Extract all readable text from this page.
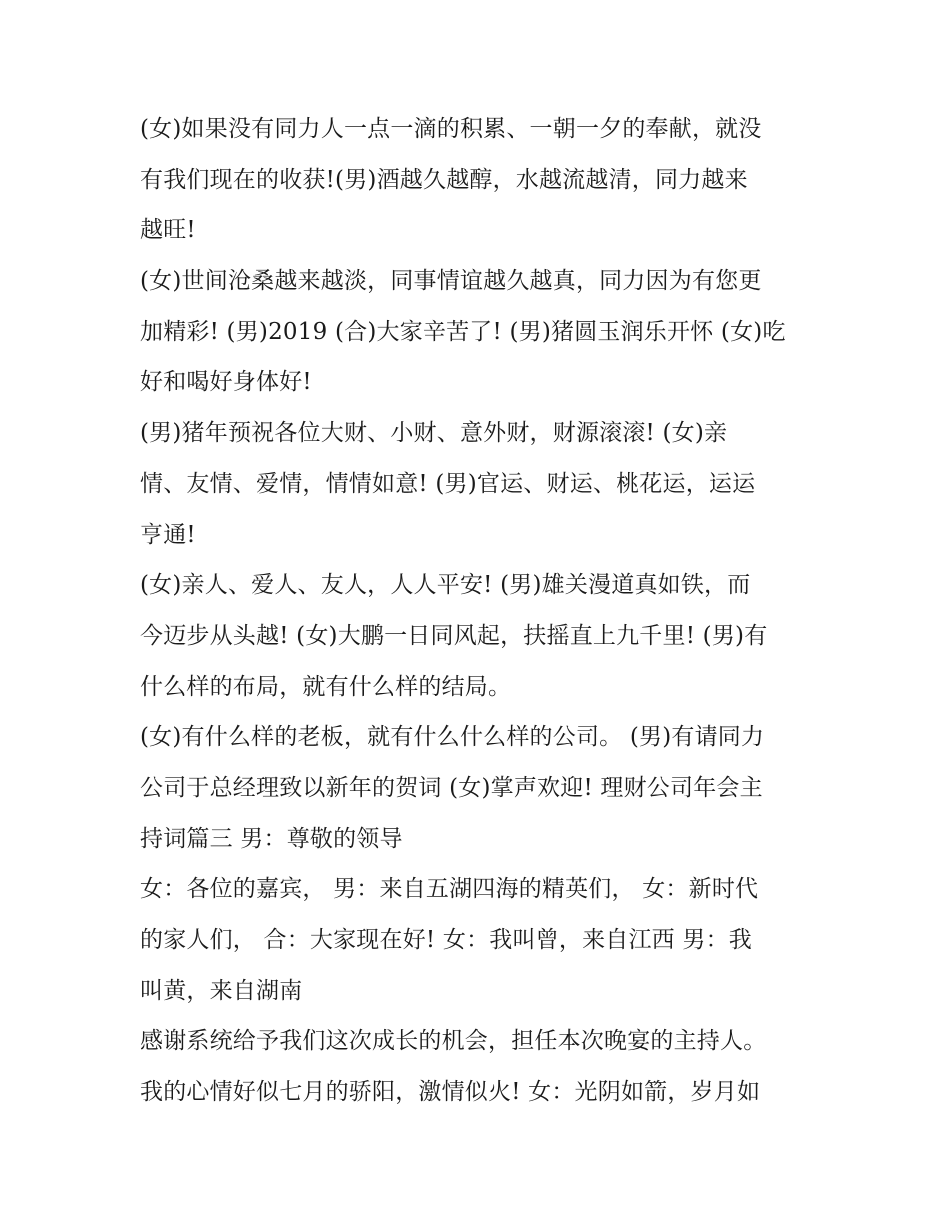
(女)如果没有同力人一点一滴的积累、一朝一夕的奉献，就没
有我们现在的收获!(男)酒越久越醇，水越流越清，同力越来
越旺!
(女)世间沧桑越来越淡，同事情谊越久越真，同力因为有您更
加精彩! (男)2019 (合)大家辛苦了! (男)猪圆玉润乐开怀 (女)吃
好和喝好身体好!
(男)猪年预祝各位大财、小财、意外财，财源滚滚! (女)亲
情、友情、爱情，情情如意! (男)官运、财运、桃花运，运运
亨通!
(女)亲人、爱人、友人，人人平安! (男)雄关漫道真如铁，而
今迈步从头越! (女)大鹏一日同风起，扶摇直上九千里! (男)有
什么样的布局，就有什么样的结局。
(女)有什么样的老板，就有什么什么样的公司。 (男)有请同力
公司于总经理致以新年的贺词 (女)掌声欢迎! 理财公司年会主
持词篇三 男：尊敬的领导
女：各位的嘉宾， 男：来自五湖四海的精英们， 女：新时代
的家人们， 合：大家现在好! 女：我叫曾，来自江西 男：我
叫黄，来自湖南
感谢系统给予我们这次成长的机会，担任本次晚宴的主持人。
我的心情好似七月的骄阳，激情似火! 女：光阴如箭，岁月如
